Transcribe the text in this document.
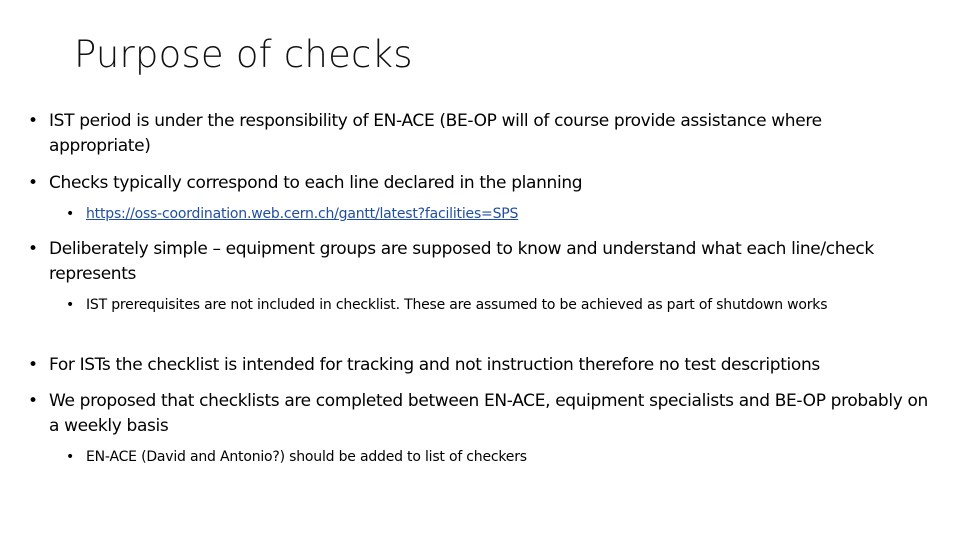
Purpose of checks
• IST period is under the responsibility of EN-ACE (BE-OP will of course provide assistance where appropriate)
• Checks typically correspond to each line declared in the planning
• https://oss-coordination.web.cern.ch/gantt/latest?facilities=SPS
• Deliberately simple – equipment groups are supposed to know and understand what each line/check represents
• IST prerequisites are not included in checklist. These are assumed to be achieved as part of shutdown works
• For ISTs the checklist is intended for tracking and not instruction therefore no test descriptions
• We proposed that checklists are completed between EN-ACE, equipment specialists and BE-OP probably on a weekly basis
• EN-ACE (David and Antonio?) should be added to list of checkers
